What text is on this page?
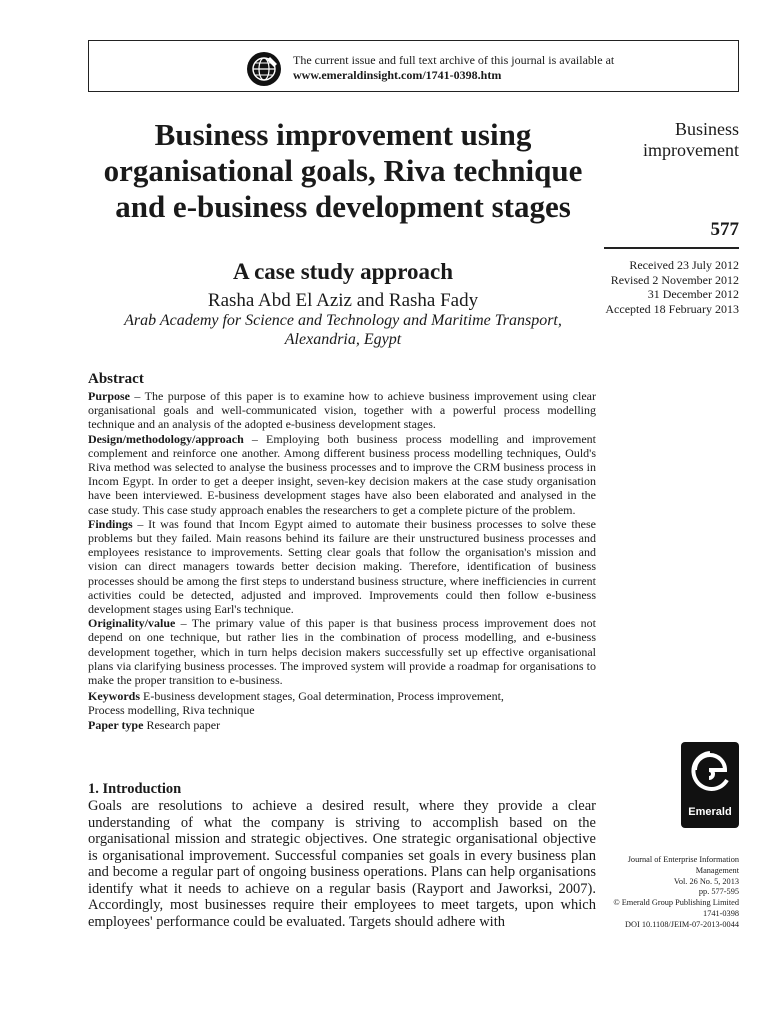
The current issue and full text archive of this journal is available at
www.emeraldinsight.com/1741-0398.htm
Business improvement using organisational goals, Riva technique and e-business development stages
A case study approach
Rasha Abd El Aziz and Rasha Fady
Arab Academy for Science and Technology and Maritime Transport,
Alexandria, Egypt
Business
improvement
577
Received 23 July 2012
Revised 2 November 2012
31 December 2012
Accepted 18 February 2013
Abstract

Purpose – The purpose of this paper is to examine how to achieve business improvement using clear organisational goals and well-communicated vision, together with a powerful process modelling technique and an analysis of the adopted e-business development stages.

Design/methodology/approach – Employing both business process modelling and improvement complement and reinforce one another. Among different business process modelling techniques, Ould's Riva method was selected to analyse the business processes and to improve the CRM business process in Incom Egypt. In order to get a deeper insight, seven-key decision makers at the case study organisation have been interviewed. E-business development stages have also been elaborated and analysed in the case study. This case study approach enables the researchers to get a complete picture of the problem.

Findings – It was found that Incom Egypt aimed to automate their business processes to solve these problems but they failed. Main reasons behind its failure are their unstructured business processes and employees resistance to improvements. Setting clear goals that follow the organisation's mission and vision can direct managers towards better decision making. Therefore, identification of business processes should be among the first steps to understand business structure, where inefficiencies in current activities could be detected, adjusted and improved. Improvements could then follow e-business development stages using Earl's technique.

Originality/value – The primary value of this paper is that business process improvement does not depend on one technique, but rather lies in the combination of process modelling, and e-business development together, which in turn helps decision makers successfully set up effective organisational plans via clarifying business processes. The improved system will provide a roadmap for organisations to make the proper transition to e-business.

Keywords E-business development stages, Goal determination, Process improvement,
Process modelling, Riva technique

Paper type Research paper

Emerald
1. Introduction
Goals are resolutions to achieve a desired result, where they provide a clear understanding of what the company is striving to accomplish based on the organisational mission and strategic objectives. One strategic organisational objective is organisational improvement. Successful companies set goals in every business plan and become a regular part of ongoing business operations. Plans can help organisations identify what it needs to achieve on a regular basis (Rayport and Jaworksi, 2007). Accordingly, most businesses require their employees to meet targets, upon which employees' performance could be evaluated. Targets should adhere with
Journal of Enterprise Information
Management
Vol. 26 No. 5, 2013
pp. 577-595
© Emerald Group Publishing Limited
1741-0398
DOI 10.1108/JEIM-07-2013-0044
